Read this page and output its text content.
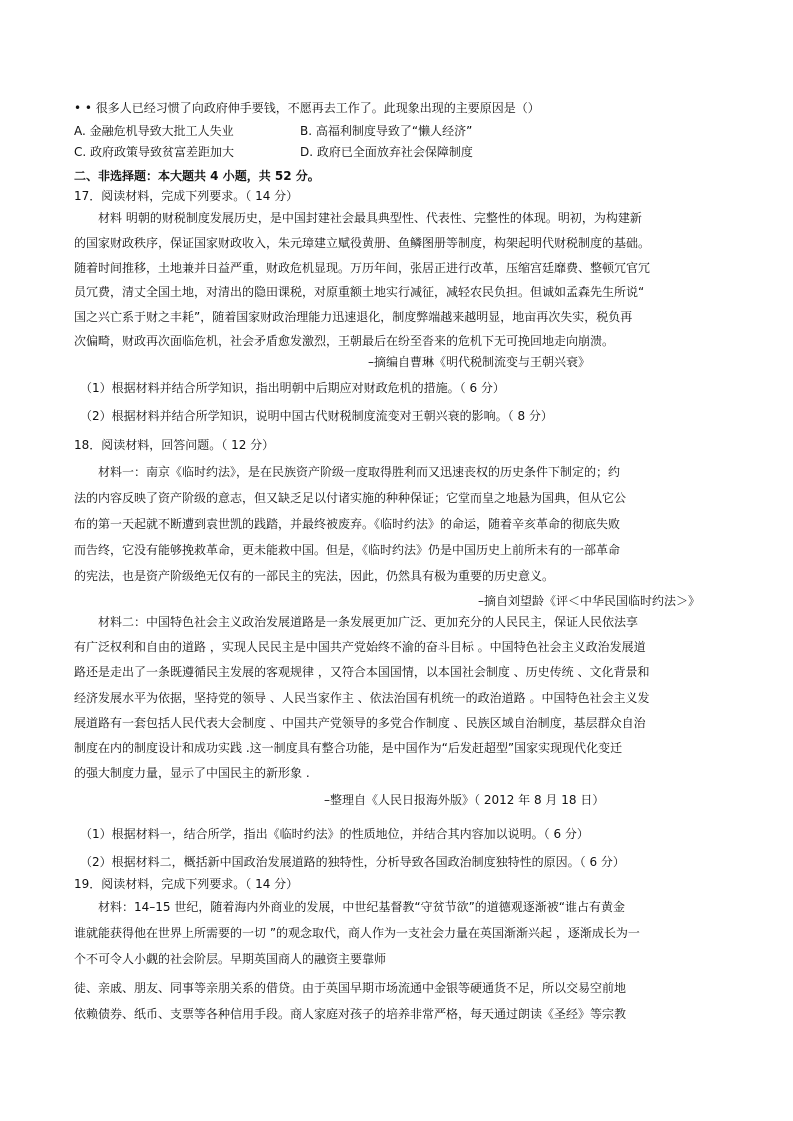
• • 很多人已经习惯了向政府伸手要钱，不愿再去工作了。此现象出现的主要原因是（）
A. 金融危机导致大批工人失业	B. 高福利制度导致了“懒人经济”
C. 政府政策导致贫富差距加大	D. 政府已全面放弃社会保障制度
二、非选择题：本大题共 4 小题，共 52 分。
17．阅读材料，完成下列要求。（ 14 分）
材料 明朝的财税制度发展历史，是中国封建社会最具典型性、代表性、完整性的体现。明初，为构建新
的国家财政秩序，保证国家财政收入，朱元璋建立赋役黄册、鱼鳞图册等制度，构架起明代财税制度的基础。
随着时间推移，土地兼并日益严重，财政危机显现。万历年间，张居正进行改革，压缩宫廷靡费、整顿冗官冗
员冗费，清丈全国土地，对清出的隐田课税，对原重额土地实行减征，减轻农民负担。但诚如孟森先生所说“
国之兴亡系于财之丰耗”，随着国家财政治理能力迅速退化，制度弊端越来越明显，地亩再次失实，税负再
次偏畸，财政再次面临危机，社会矛盾愈发激烈，王朝最后在纷至沓来的危机下无可挽回地走向崩溃。
–摘编自曹琳《明代税制流变与王朝兴衰》
（1）根据材料并结合所学知识，指出明朝中后期应对财政危机的措施。（ 6 分）
（2）根据材料并结合所学知识，说明中国古代财税制度流变对王朝兴衰的影响。（ 8 分）
18．阅读材料，回答问题。（ 12 分）
材料一：南京《临时约法》，是在民族资产阶级一度取得胜利而又迅速丧权的历史条件下制定的；约
法的内容反映了资产阶级的意志，但又缺乏足以付诸实施的种种保证；它堂而皇之地悬为国典，但从它公
布的第一天起就不断遭到袁世凯的践踏，并最终被废弃。《临时约法》的命运，随着辛亥革命的彻底失败
而告终，它没有能够挽救革命，更未能救中国。但是，《临时约法》仍是中国历史上前所未有的一部革命
的宪法，也是资产阶级绝无仅有的一部民主的宪法，因此，仍然具有极为重要的历史意义。
–摘自刘望龄《评＜中华民国临时约法＞》
材料二：中国特色社会主义政治发展道路是一条发展更加广泛、更加充分的人民民主，保证人民依法享
有广泛权利和自由的道路 ，实现人民民主是中国共产党始终不渝的奋斗目标 。中国特色社会主义政治发展道
路还是走出了一条既遵循民主发展的客观规律 ，又符合本国国情，以本国社会制度 、历史传统 、文化背景和
经济发展水平为依据，坚持党的领导 、人民当家作主 、依法治国有机统一的政治道路 。中国特色社会主义发
展道路有一套包括人民代表大会制度 、中国共产党领导的多党合作制度 、民族区域自治制度，基层群众自治
制度在内的制度设计和成功实践 .这一制度具有整合功能，是中国作为“后发赶超型”国家实现现代化变迁
的强大制度力量，显示了中国民主的新形象 .
–整理自《人民日报海外版》（ 2012 年 8 月 18 日）
（1）根据材料一，结合所学，指出《临时约法》的性质地位，并结合其内容加以说明。（ 6 分）
（2）根据材料二，概括新中国政治发展道路的独特性，分析导致各国政治制度独特性的原因。（ 6 分）
19．阅读材料，完成下列要求。（ 14 分）
材料：14–15 世纪，随着海内外商业的发展，中世纪基督教“守贫节欲”的道德观逐渐被“谁占有黄金
谁就能获得他在世界上所需要的一切 ”的观念取代，商人作为一支社会力量在英国渐渐兴起 ，逐渐成长为一
个不可令人小觑的社会阶层。早期英国商人的融资主要靠师
徒、亲戚、朋友、同事等亲朋关系的借贷。由于英国早期市场流通中金银等硬通货不足，所以交易空前地
依赖债券、纸币、支票等各种信用手段。商人家庭对孩子的培养非常严格，每天通过朗读《圣经》等宗教
